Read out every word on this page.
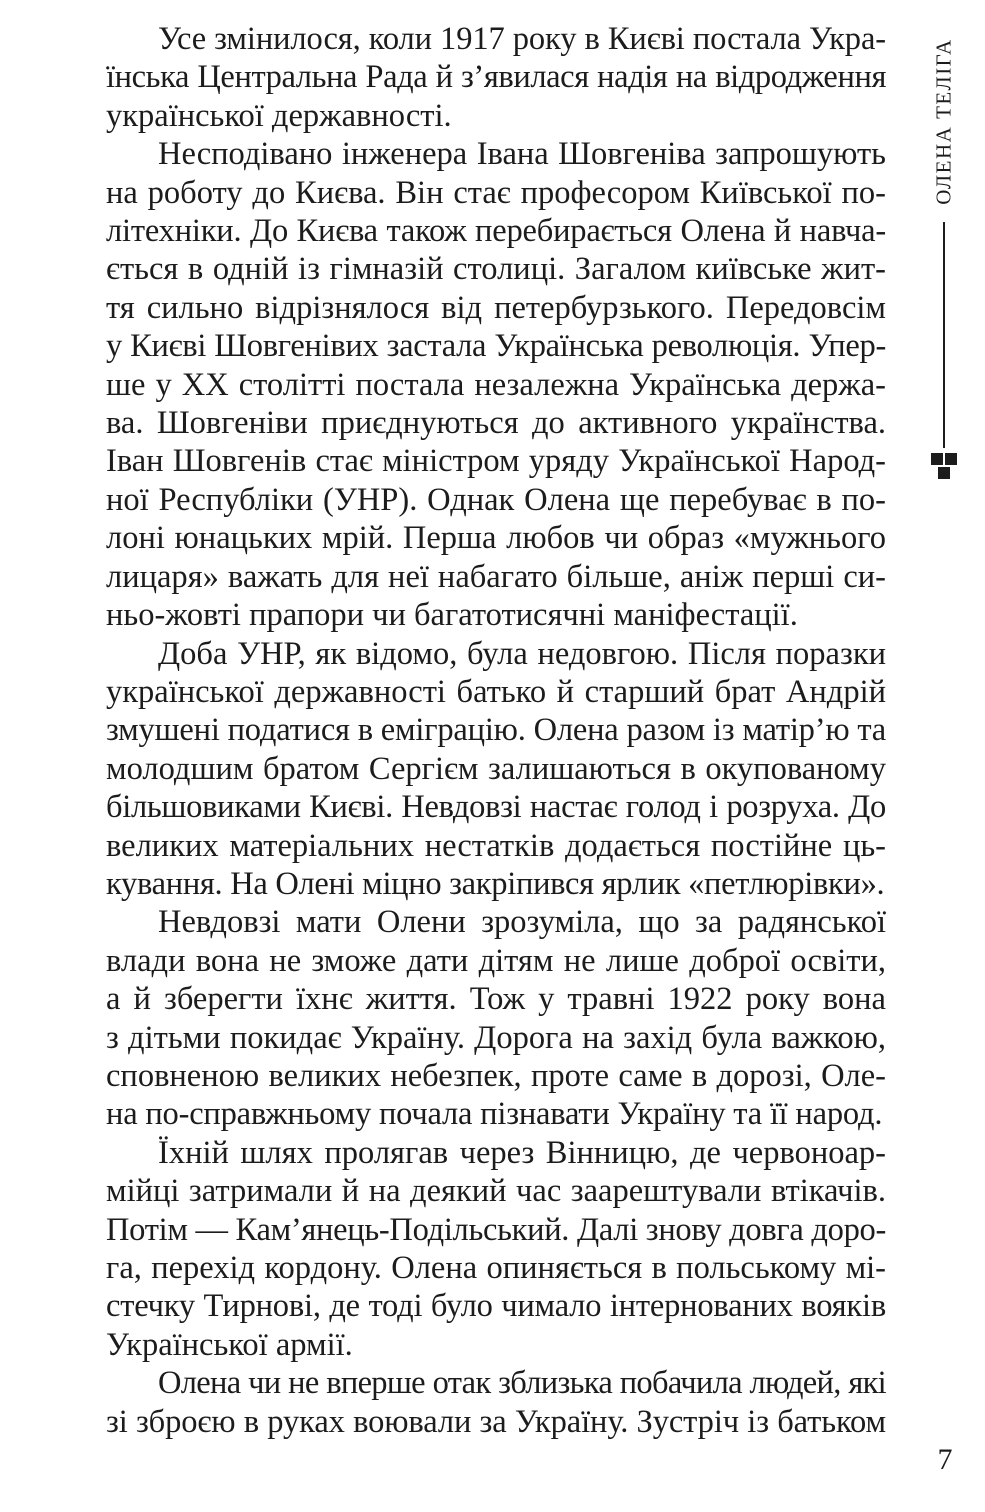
Усе змінилося, коли 1917 року в Києві постала Укра-
їнська Центральна Рада й з’явилася надія на відродження
української державності.

Несподівано інженера Івана Шовгеніва запрошують
на роботу до Києва. Він стає професором Київської по-
літехніки. До Києва також перебирається Олена й навча-
ється в одній із гімназій столиці. Загалом київське жит-
тя сильно відрізнялося від петербурзького. Передовсім
у Києві Шовгенівих застала Українська революція. Упер-
ше у ХХ столітті постала незалежна Українська держа-
ва. Шовгеніви приєднуються до активного українства.
Іван Шовгенів стає міністром уряду Української Народ-
ної Республіки (УНР). Однак Олена ще перебуває в по-
лоні юнацьких мрій. Перша любов чи образ «мужнього
лицаря» важать для неї набагато більше, аніж перші си-
ньо-жовті прапори чи багатотисячні маніфестації.

Доба УНР, як відомо, була недовгою. Після поразки
української державності батько й старший брат Андрій
змушені податися в еміграцію. Олена разом із матір’ю та
молодшим братом Сергієм залишаються в окупованому
більшовиками Києві. Невдовзі настає голод і розруха. До
великих матеріальних нестатків додається постійне ць-
кування. На Олені міцно закріпився ярлик «петлюрівки».

Невдовзі мати Олени зрозуміла, що за радянської
влади вона не зможе дати дітям не лише доброї освіти,
а й зберегти їхнє життя. Тож у травні 1922 року вона
з дітьми покидає Україну. Дорога на захід була важкою,
сповненою великих небезпек, проте саме в дорозі, Оле-
на по-справжньому почала пізнавати Україну та її народ.

Їхній шлях пролягав через Вінницю, де червоноар-
мійці затримали й на деякий час заарештували втікачів.
Потім — Кам’янець-Подільський. Далі знову довга доро-
га, перехід кордону. Олена опиняється в польському мі-
стечку Тирнові, де тоді було чимало інтернованих вояків
Української армії.

Олена чи не вперше отак зблизька побачила людей, які
зі зброєю в руках воювали за Україну. Зустріч із батьком

ОЛЕНА ТЕЛІГА
7
